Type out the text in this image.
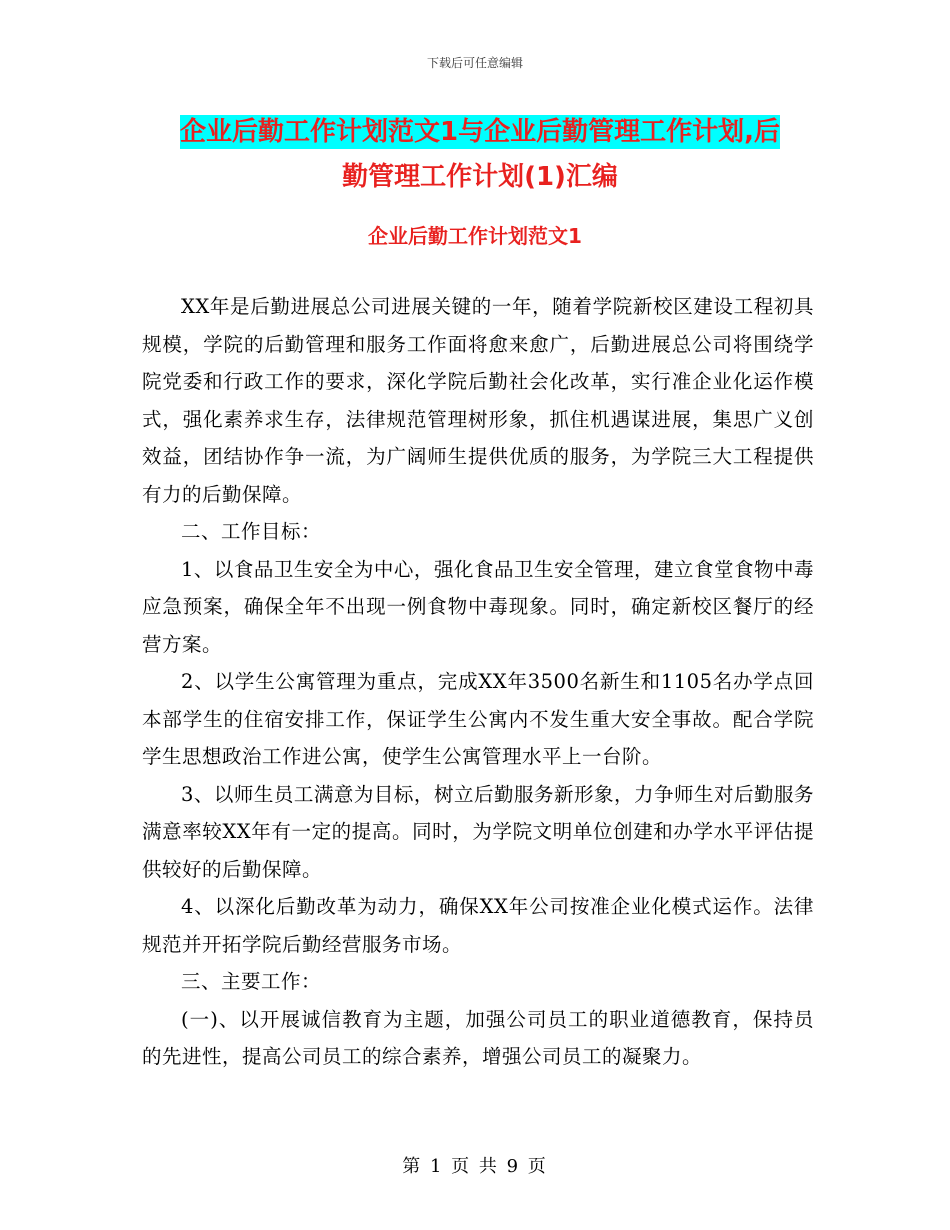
下载后可任意编辑
企业后勤工作计划范文1与企业后勤管理工作计划,后
勤管理工作计划(1)汇编
企业后勤工作计划范文1

XX年是后勤进展总公司进展关键的一年，随着学院新校区建设工程初具规模，学院的后勤管理和服务工作面将愈来愈广，后勤进展总公司将围绕学院党委和行政工作的要求，深化学院后勤社会化改革，实行准企业化运作模式，强化素养求生存，法律规范管理树形象，抓住机遇谋进展，集思广义创效益，团结协作争一流，为广阔师生提供优质的服务，为学院三大工程提供有力的后勤保障。

二、工作目标：

1、以食品卫生安全为中心，强化食品卫生安全管理，建立食堂食物中毒应急预案，确保全年不出现一例食物中毒现象。同时，确定新校区餐厅的经营方案。

2、以学生公寓管理为重点，完成XX年3500名新生和1105名办学点回本部学生的住宿安排工作，保证学生公寓内不发生重大安全事故。配合学院学生思想政治工作进公寓，使学生公寓管理水平上一台阶。

3、以师生员工满意为目标，树立后勤服务新形象，力争师生对后勤服务满意率较XX年有一定的提高。同时，为学院文明单位创建和办学水平评估提供较好的后勤保障。

4、以深化后勤改革为动力，确保XX年公司按准企业化模式运作。法律规范并开拓学院后勤经营服务市场。

三、主要工作：

(一)、以开展诚信教育为主题，加强公司员工的职业道德教育，保持员的先进性，提高公司员工的综合素养，增强公司员工的凝聚力。

第 1 页 共 9 页
